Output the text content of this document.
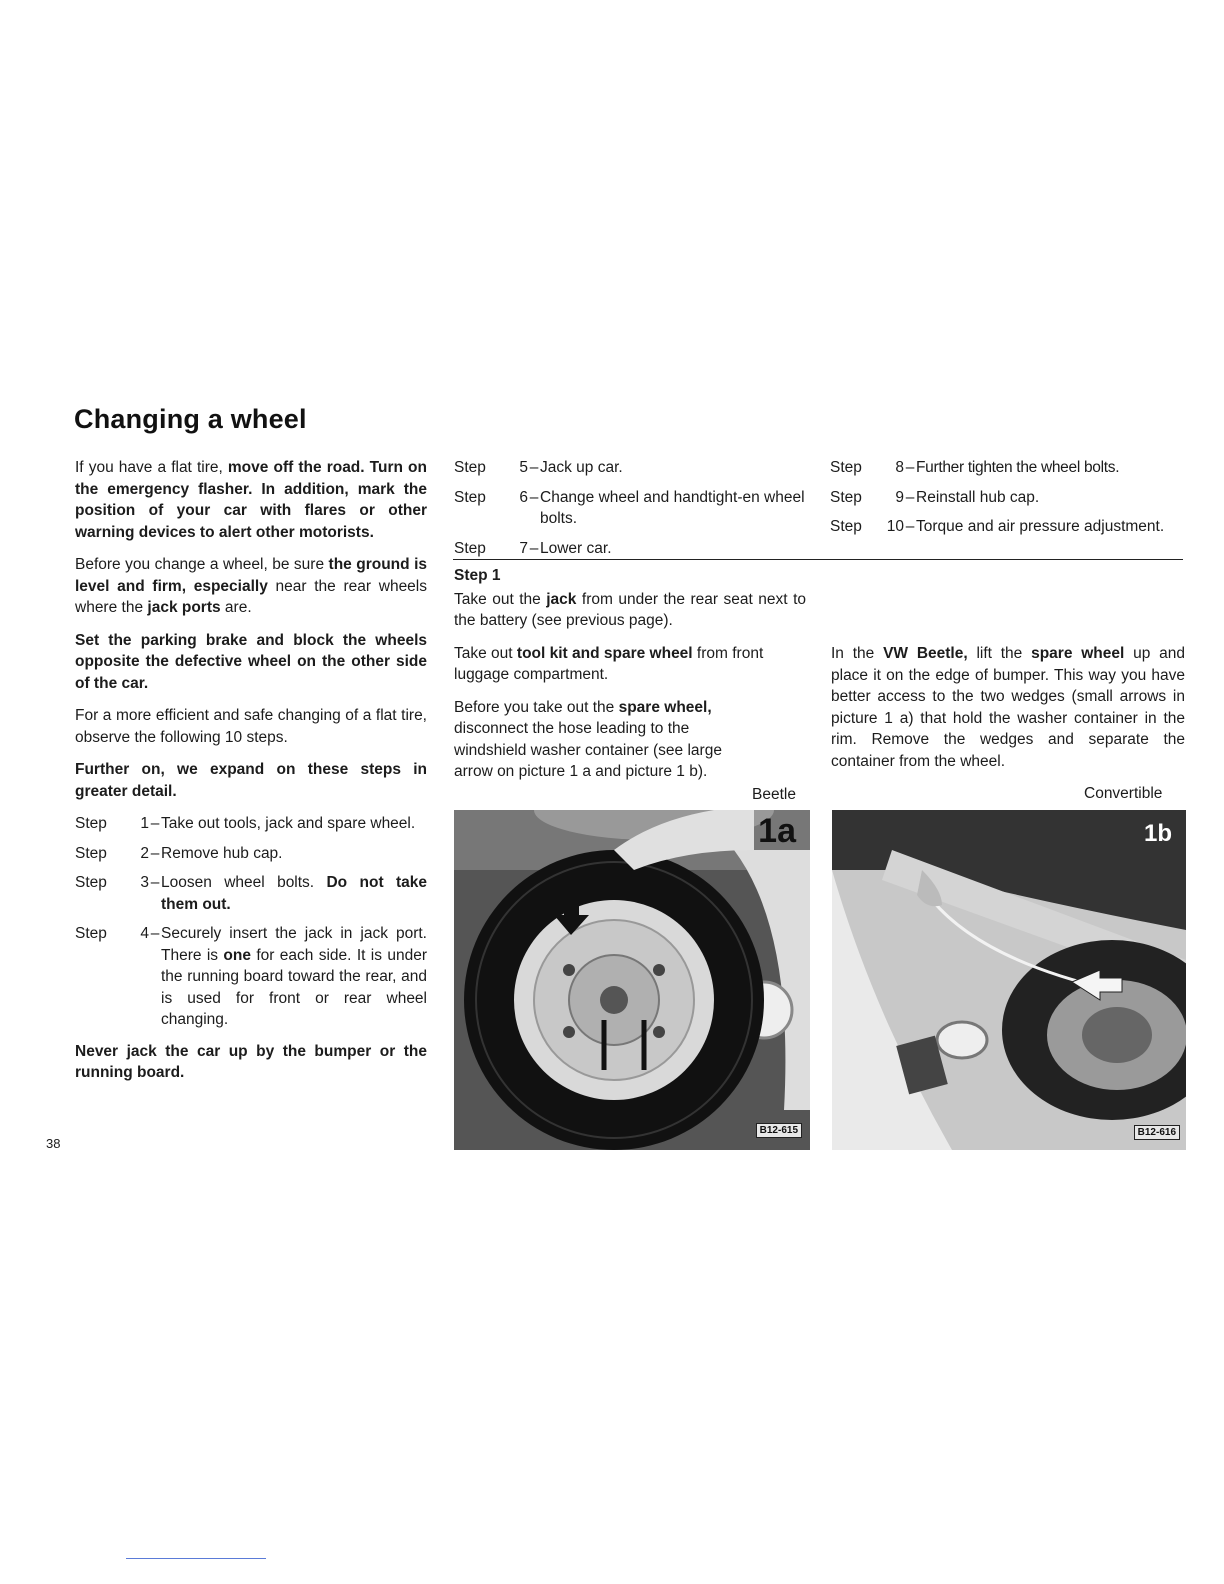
Changing a wheel

If you have a flat tire, move off the road. Turn on the emergency flasher. In addition, mark the position of your car with flares or other warning devices to alert other motorists.

Before you change a wheel, be sure the ground is level and firm, especially near the rear wheels where the jack ports are.

Set the parking brake and block the wheels opposite the defective wheel on the other side of the car.

For a more efficient and safe changing of a flat tire, observe the following 10 steps.

Further on, we expand on these steps in greater detail.

Step	1 – Take out tools, jack and spare wheel.
Step	2 – Remove hub cap.
Step	3 – Loosen wheel bolts. Do not take them out.
Step	4 – Securely insert the jack in jack port. There is one for each side. It is under the running board toward the rear, and is used for front or rear wheel changing.

Never jack the car up by the bumper or the running board.

38
Step	5 – Jack up car.
Step	6 – Change wheel and handtight-en wheel bolts.
Step	7 – Lower car.
Step 1

Take out the jack from under the rear seat next to the battery (see previous page).

Take out tool kit and spare wheel from front luggage compartment.

Before you take out the spare wheel, disconnect the hose leading to the windshield washer container (see large arrow on picture 1 a and picture 1 b).

Beetle
1a
B12-615
Step	8 – Further tighten the wheel bolts.
Step	9 – Reinstall hub cap.
Step	10 – Torque and air pressure adjustment.

In the VW Beetle, lift the spare wheel up and place it on the edge of bumper. This way you have better access to the two wedges (small arrows in picture 1 a) that hold the washer container in the rim. Remove the wedges and separate the container from the wheel.

Convertible
1b
B12-616
